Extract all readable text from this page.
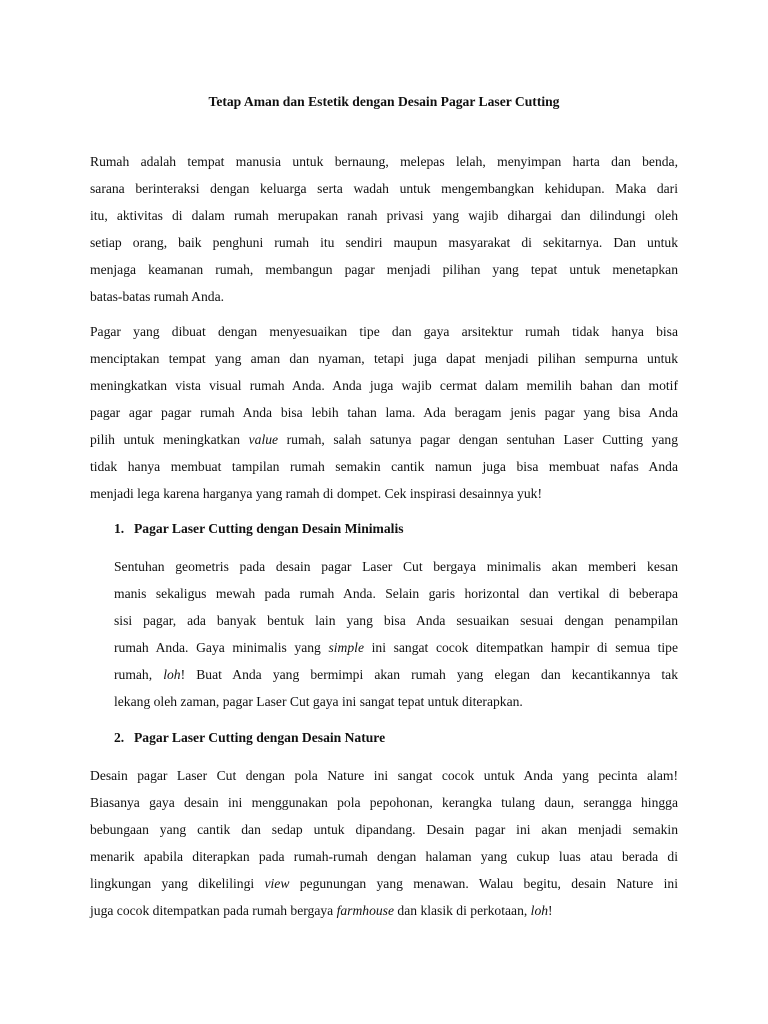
Tetap Aman dan Estetik dengan Desain Pagar Laser Cutting
Rumah adalah tempat manusia untuk bernaung, melepas lelah, menyimpan harta dan benda,
sarana berinteraksi dengan keluarga serta wadah untuk mengembangkan kehidupan. Maka dari
itu, aktivitas di dalam rumah merupakan ranah privasi yang wajib dihargai dan dilindungi oleh
setiap orang, baik penghuni rumah itu sendiri maupun masyarakat di sekitarnya. Dan untuk
menjaga keamanan rumah, membangun pagar menjadi pilihan yang tepat untuk menetapkan
batas-batas rumah Anda.
Pagar yang dibuat dengan menyesuaikan tipe dan gaya arsitektur rumah tidak hanya bisa
menciptakan tempat yang aman dan nyaman, tetapi juga dapat menjadi pilihan sempurna untuk
meningkatkan vista visual rumah Anda. Anda juga wajib cermat dalam memilih bahan dan motif
pagar agar pagar rumah Anda bisa lebih tahan lama. Ada beragam jenis pagar yang bisa Anda
pilih untuk meningkatkan value rumah, salah satunya pagar dengan sentuhan Laser Cutting yang
tidak hanya membuat tampilan rumah semakin cantik namun juga bisa membuat nafas Anda
menjadi lega karena harganya yang ramah di dompet. Cek inspirasi desainnya yuk!
1. Pagar Laser Cutting dengan Desain Minimalis
Sentuhan geometris pada desain pagar Laser Cut bergaya minimalis akan memberi kesan
manis sekaligus mewah pada rumah Anda. Selain garis horizontal dan vertikal di beberapa
sisi pagar, ada banyak bentuk lain yang bisa Anda sesuaikan sesuai dengan penampilan
rumah Anda. Gaya minimalis yang simple ini sangat cocok ditempatkan hampir di semua tipe
rumah, loh! Buat Anda yang bermimpi akan rumah yang elegan dan kecantikannya tak
lekang oleh zaman, pagar Laser Cut gaya ini sangat tepat untuk diterapkan.
2. Pagar Laser Cutting dengan Desain Nature
Desain pagar Laser Cut dengan pola Nature ini sangat cocok untuk Anda yang pecinta alam!
Biasanya gaya desain ini menggunakan pola pepohonan, kerangka tulang daun, serangga hingga
bebungaan yang cantik dan sedap untuk dipandang. Desain pagar ini akan menjadi semakin
menarik apabila diterapkan pada rumah-rumah dengan halaman yang cukup luas atau berada di
lingkungan yang dikelilingi view pegunungan yang menawan. Walau begitu, desain Nature ini
juga cocok ditempatkan pada rumah bergaya farmhouse dan klasik di perkotaan, loh!
